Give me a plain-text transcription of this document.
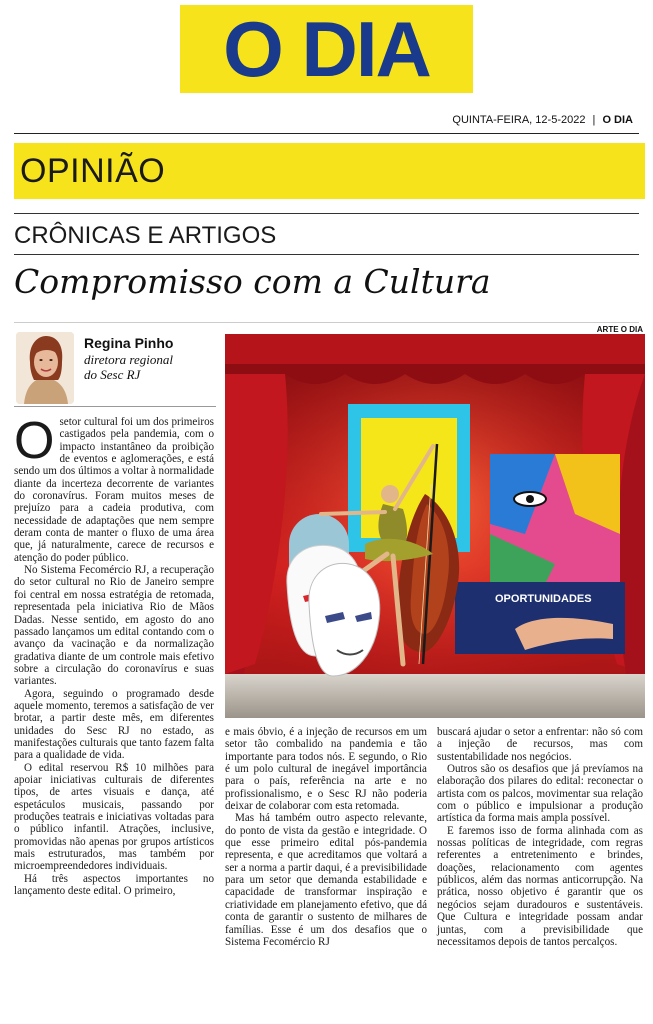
O DIA
QUINTA-FEIRA, 12-5-2022 | O DIA
OPINIÃO
CRÔNICAS E ARTIGOS
Compromisso com a Cultura
ARTE O DIA
Regina Pinho
diretora regional
do Sesc RJ
OPORTUNIDADES

Osetor cultural foi um dos primeiros castigados pela pandemia, com o impacto instantâneo da proibição de eventos e aglomerações, e está sendo um dos últimos a voltar à normalidade diante da incerteza decorrente de variantes do coronavírus. Foram muitos meses de prejuízo para a cadeia produtiva, com necessidade de adaptações que nem sempre deram conta de manter o fluxo de uma área que, já naturalmente, carece de recursos e atenção do poder público.

No Sistema Fecomércio RJ, a recuperação do setor cultural no Rio de Janeiro sempre foi central em nossa estratégia de retomada, representada pela iniciativa Rio de Mãos Dadas. Nesse sentido, em agosto do ano passado lançamos um edital contando com o avanço da vacinação e da normalização gradativa diante de um controle mais efetivo sobre a circulação do coronavírus e suas variantes.

Agora, seguindo o programado desde aquele momento, teremos a satisfação de ver brotar, a partir deste mês, em diferentes unidades do Sesc RJ no estado, as manifestações culturais que tanto fazem falta para a qualidade de vida.

O edital reservou R$ 10 milhões para apoiar iniciativas culturais de diferentes tipos, de artes visuais e dança, até espetáculos musicais, passando por produções teatrais e iniciativas voltadas para o público infantil. Atrações, inclusive, promovidas não apenas por grupos artísticos mais estruturados, mas também por microempreendedores individuais.

Há três aspectos importantes no lançamento deste edital. O primeiro,

e mais óbvio, é a injeção de recursos em um setor tão combalido na pandemia e tão importante para todos nós. E segundo, o Rio é um polo cultural de inegável importância para o país, referência na arte e no profissionalismo, e o Sesc RJ não poderia deixar de colaborar com esta retomada.

Mas há também outro aspecto relevante, do ponto de vista da gestão e integridade. O que esse primeiro edital pós-pandemia representa, e que acreditamos que voltará a ser a norma a partir daqui, é a previsibilidade para um setor que demanda estabilidade e capacidade de transformar inspiração e criatividade em planejamento efetivo, que dá conta de garantir o sustento de milhares de famílias. Esse é um dos desafios que o Sistema Fecomércio RJ

buscará ajudar o setor a enfrentar: não só com a injeção de recursos, mas com sustentabilidade nos negócios.

Outros são os desafios que já prevíamos na elaboração dos pilares do edital: reconectar o artista com os palcos, movimentar sua relação com o público e impulsionar a produção artística da forma mais ampla possível.

E faremos isso de forma alinhada com as nossas políticas de integridade, com regras referentes a entretenimento e brindes, doações, relacionamento com agentes públicos, além das normas anticorrupção. Na prática, nosso objetivo é garantir que os negócios sejam duradouros e sustentáveis. Que Cultura e integridade possam andar juntas, com a previsibilidade que necessitamos depois de tantos percalços.
